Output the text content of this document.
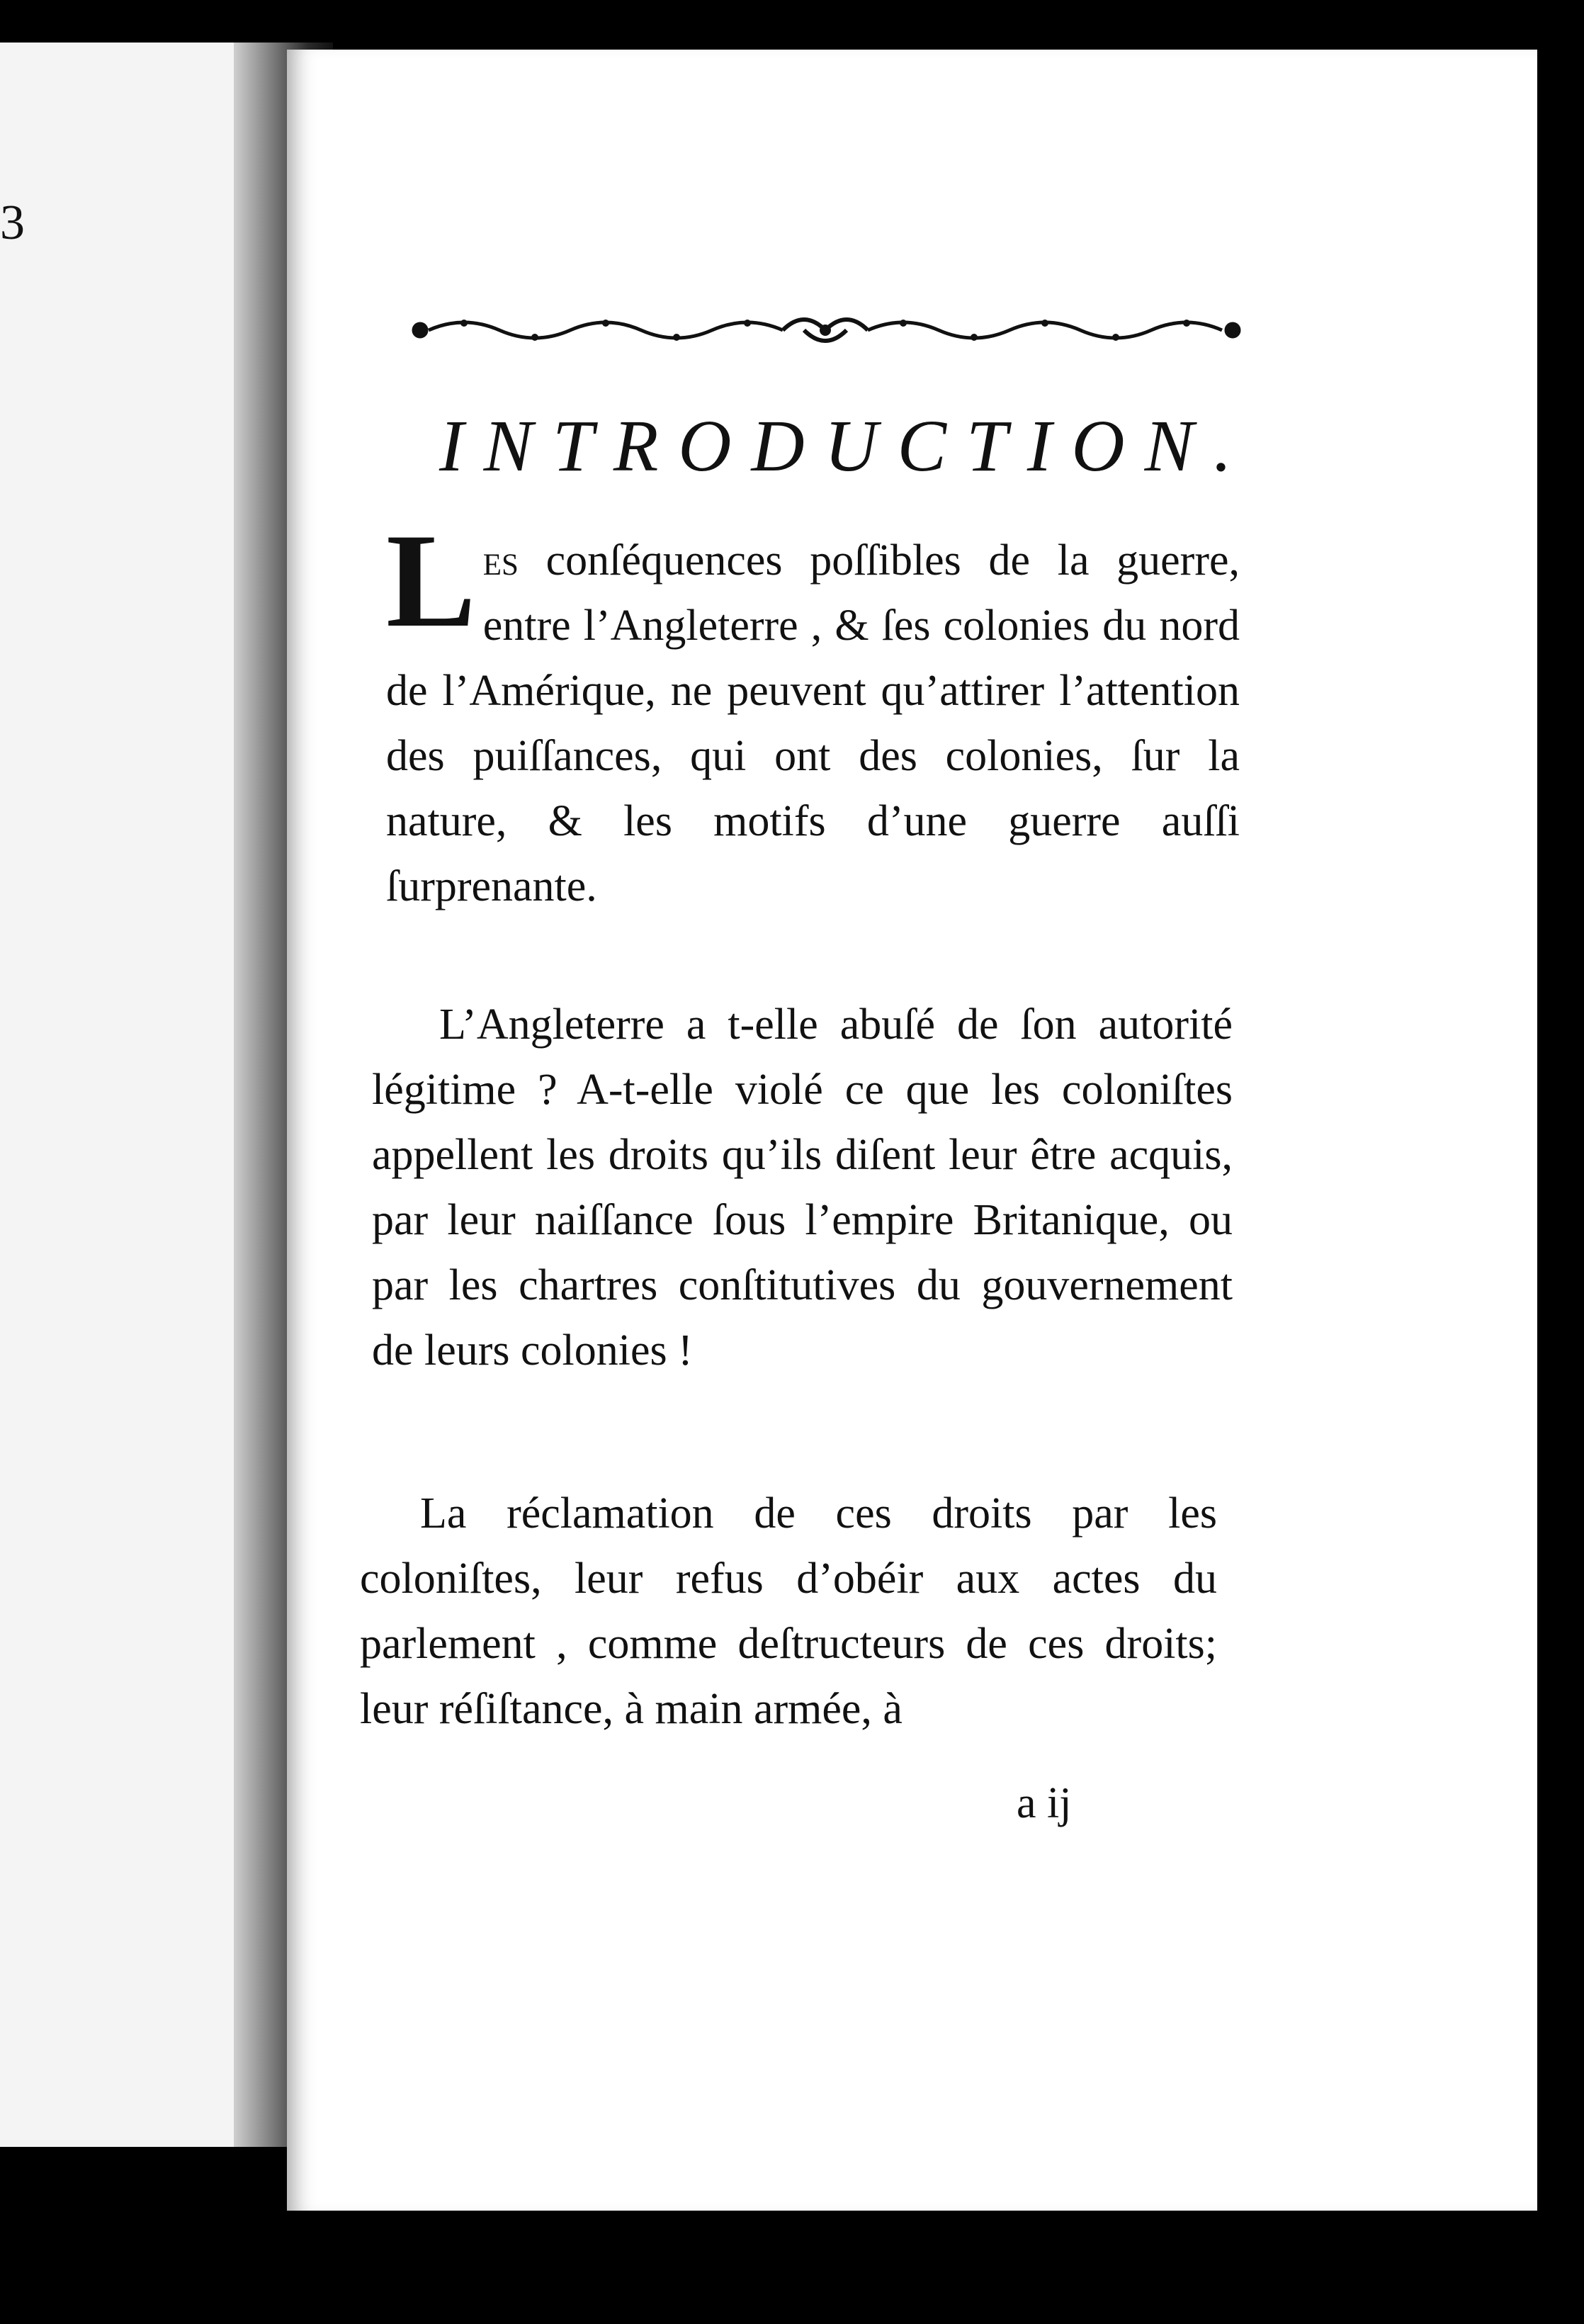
3
INTRODUCTION.

Les conſéquences poſſibles de la guerre, entre l’Angleterre , & ſes colonies du nord de l’Amérique, ne peuvent qu’attirer l’attention des puiſſances, qui ont des colonies, ſur la nature, & les motifs d’une guerre auſſi ſurprenante.

L’Angleterre a t-elle abuſé de ſon autorité légitime ? A-t-elle violé ce que les coloniſtes appellent les droits qu’ils diſent leur être acquis, par leur naiſſance ſous l’empire Britanique, ou par les chartres conſtitutives du gouvernement de leurs colonies !

La réclamation de ces droits par les coloniſtes, leur refus d’obéir aux actes du parlement , comme deſtructeurs de ces droits; leur réſiſtance, à main armée, à

a ij
